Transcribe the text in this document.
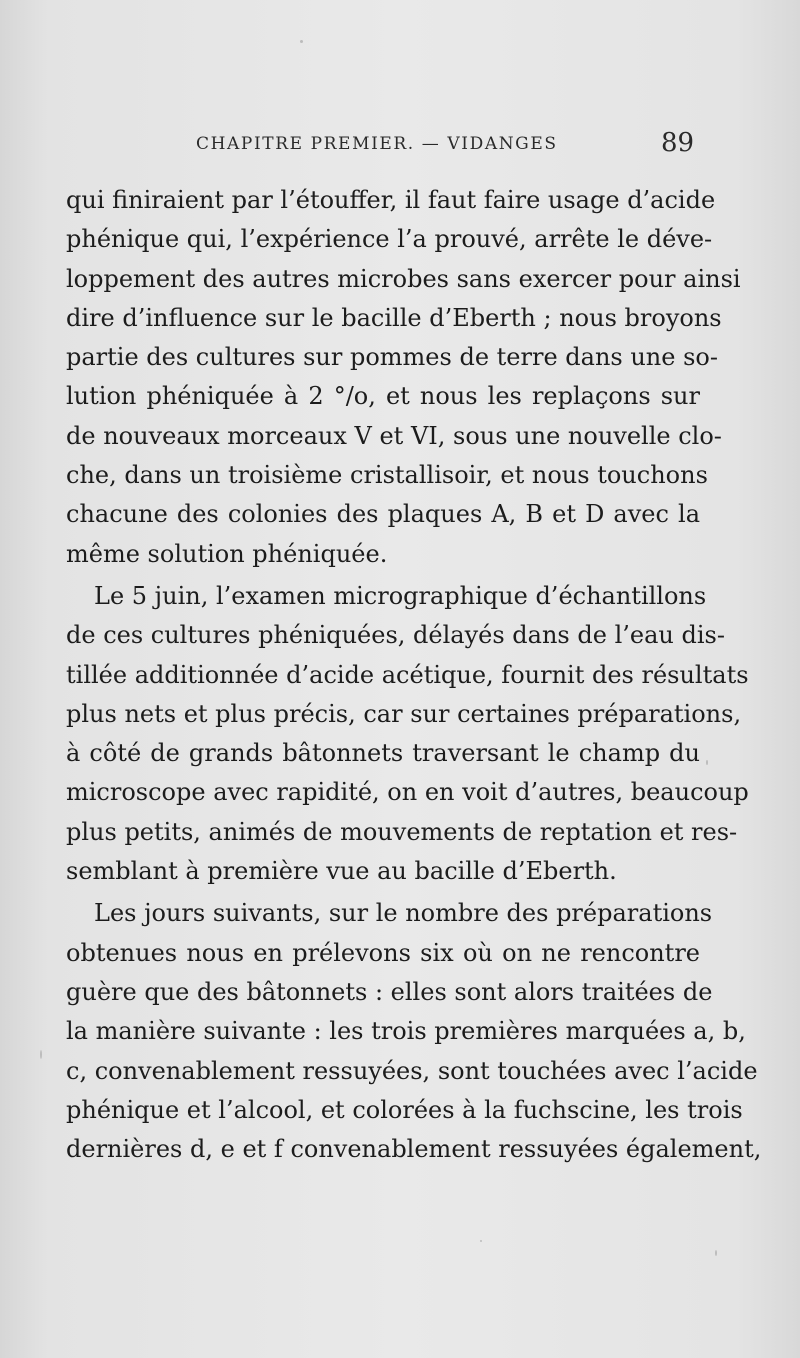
CHAPITRE PREMIER. — VIDANGES	89
qui finiraient par l’étouffer, il faut faire usage d’acide
phénique qui, l’expérience l’a prouvé, arrête le déve-
loppement des autres microbes sans exercer pour ainsi
dire d’influence sur le bacille d’Eberth ; nous broyons
partie des cultures sur pommes de terre dans une so-
lution phéniquée à 2 °/o, et nous les replaçons sur
de nouveaux morceaux V et VI, sous une nouvelle clo-
che, dans un troisième cristallisoir, et nous touchons
chacune des colonies des plaques A, B et D avec la
même solution phéniquée.
Le 5 juin, l’examen micrographique d’échantillons
de ces cultures phéniquées, délayés dans de l’eau dis-
tillée additionnée d’acide acétique, fournit des résultats
plus nets et plus précis, car sur certaines préparations,
à côté de grands bâtonnets traversant le champ du
microscope avec rapidité, on en voit d’autres, beaucoup
plus petits, animés de mouvements de reptation et res-
semblant à première vue au bacille d’Eberth.
Les jours suivants, sur le nombre des préparations
obtenues nous en prélevons six où on ne rencontre
guère que des bâtonnets : elles sont alors traitées de
la manière suivante : les trois premières marquées a, b,
c, convenablement ressuyées, sont touchées avec l’acide
phénique et l’alcool, et colorées à la fuchscine, les trois
dernières d, e et f convenablement ressuyées également,
